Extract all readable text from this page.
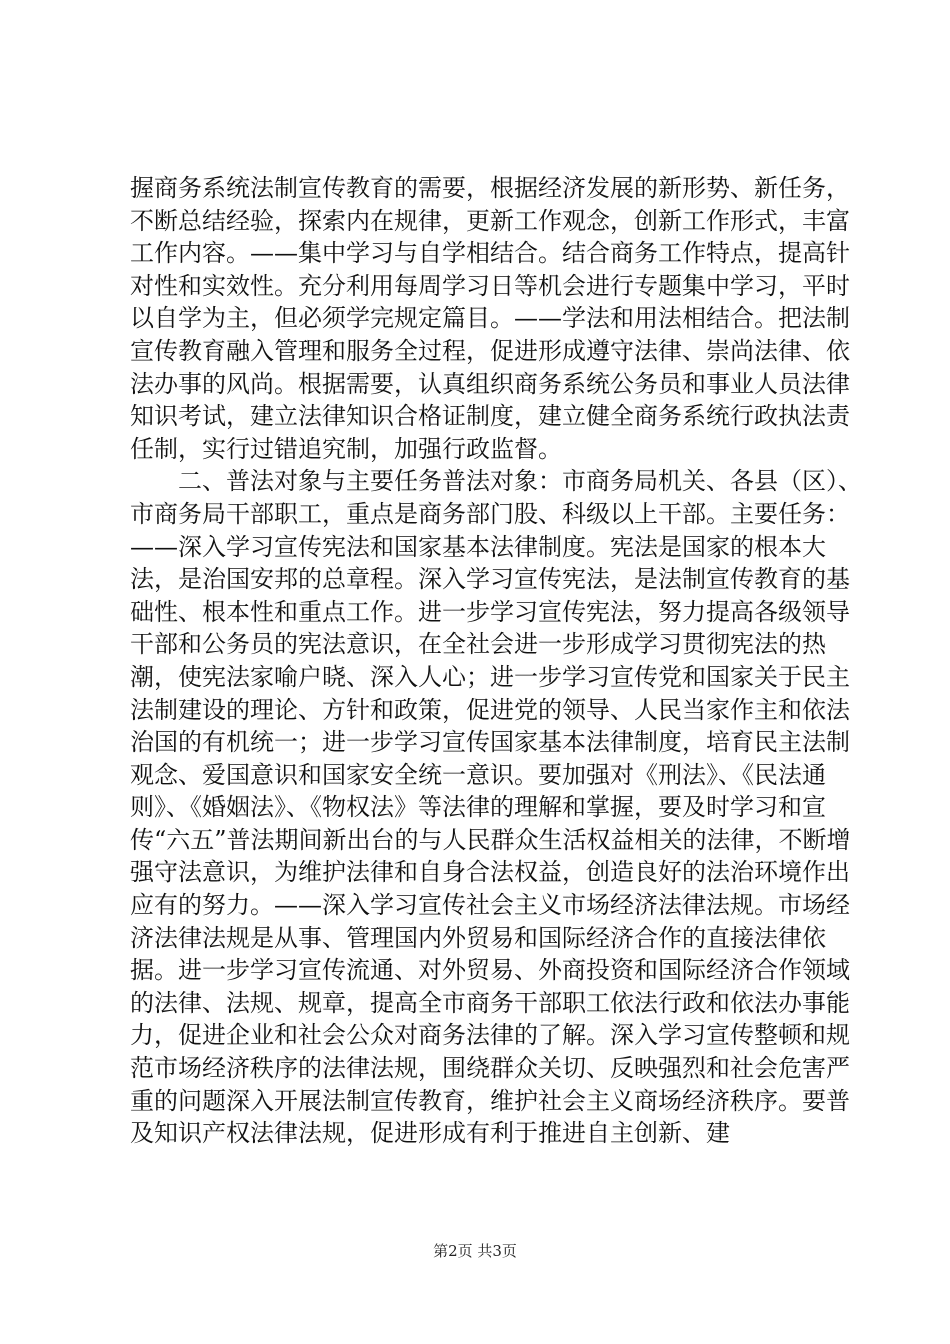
握商务系统法制宣传教育的需要，根据经济发展的新形势、新任务，不断总结经验，探索内在规律，更新工作观念，创新工作形式，丰富工作内容。——集中学习与自学相结合。结合商务工作特点，提高针对性和实效性。充分利用每周学习日等机会进行专题集中学习，平时以自学为主，但必须学完规定篇目。——学法和用法相结合。把法制宣传教育融入管理和服务全过程，促进形成遵守法律、崇尚法律、依法办事的风尚。根据需要，认真组织商务系统公务员和事业人员法律知识考试，建立法律知识合格证制度，建立健全商务系统行政执法责任制，实行过错追究制，加强行政监督。

二、普法对象与主要任务普法对象：市商务局机关、各县（区）、市商务局干部职工，重点是商务部门股、科级以上干部。主要任务：——深入学习宣传宪法和国家基本法律制度。宪法是国家的根本大法，是治国安邦的总章程。深入学习宣传宪法，是法制宣传教育的基础性、根本性和重点工作。进一步学习宣传宪法，努力提高各级领导干部和公务员的宪法意识，在全社会进一步形成学习贯彻宪法的热潮，使宪法家喻户晓、深入人心；进一步学习宣传党和国家关于民主法制建设的理论、方针和政策，促进党的领导、人民当家作主和依法治国的有机统一；进一步学习宣传国家基本法律制度，培育民主法制观念、爱国意识和国家安全统一意识。要加强对《刑法》、《民法通则》、《婚姻法》、《物权法》等法律的理解和掌握，要及时学习和宣传“六五”普法期间新出台的与人民群众生活权益相关的法律，不断增强守法意识，为维护法律和自身合法权益，创造良好的法治环境作出应有的努力。——深入学习宣传社会主义市场经济法律法规。市场经济法律法规是从事、管理国内外贸易和国际经济合作的直接法律依据。进一步学习宣传流通、对外贸易、外商投资和国际经济合作领域的法律、法规、规章，提高全市商务干部职工依法行政和依法办事能力，促进企业和社会公众对商务法律的了解。深入学习宣传整顿和规范市场经济秩序的法律法规，围绕群众关切、反映强烈和社会危害严重的问题深入开展法制宣传教育，维护社会主义商场经济秩序。要普及知识产权法律法规，促进形成有利于推进自主创新、建

第2页 共3页
